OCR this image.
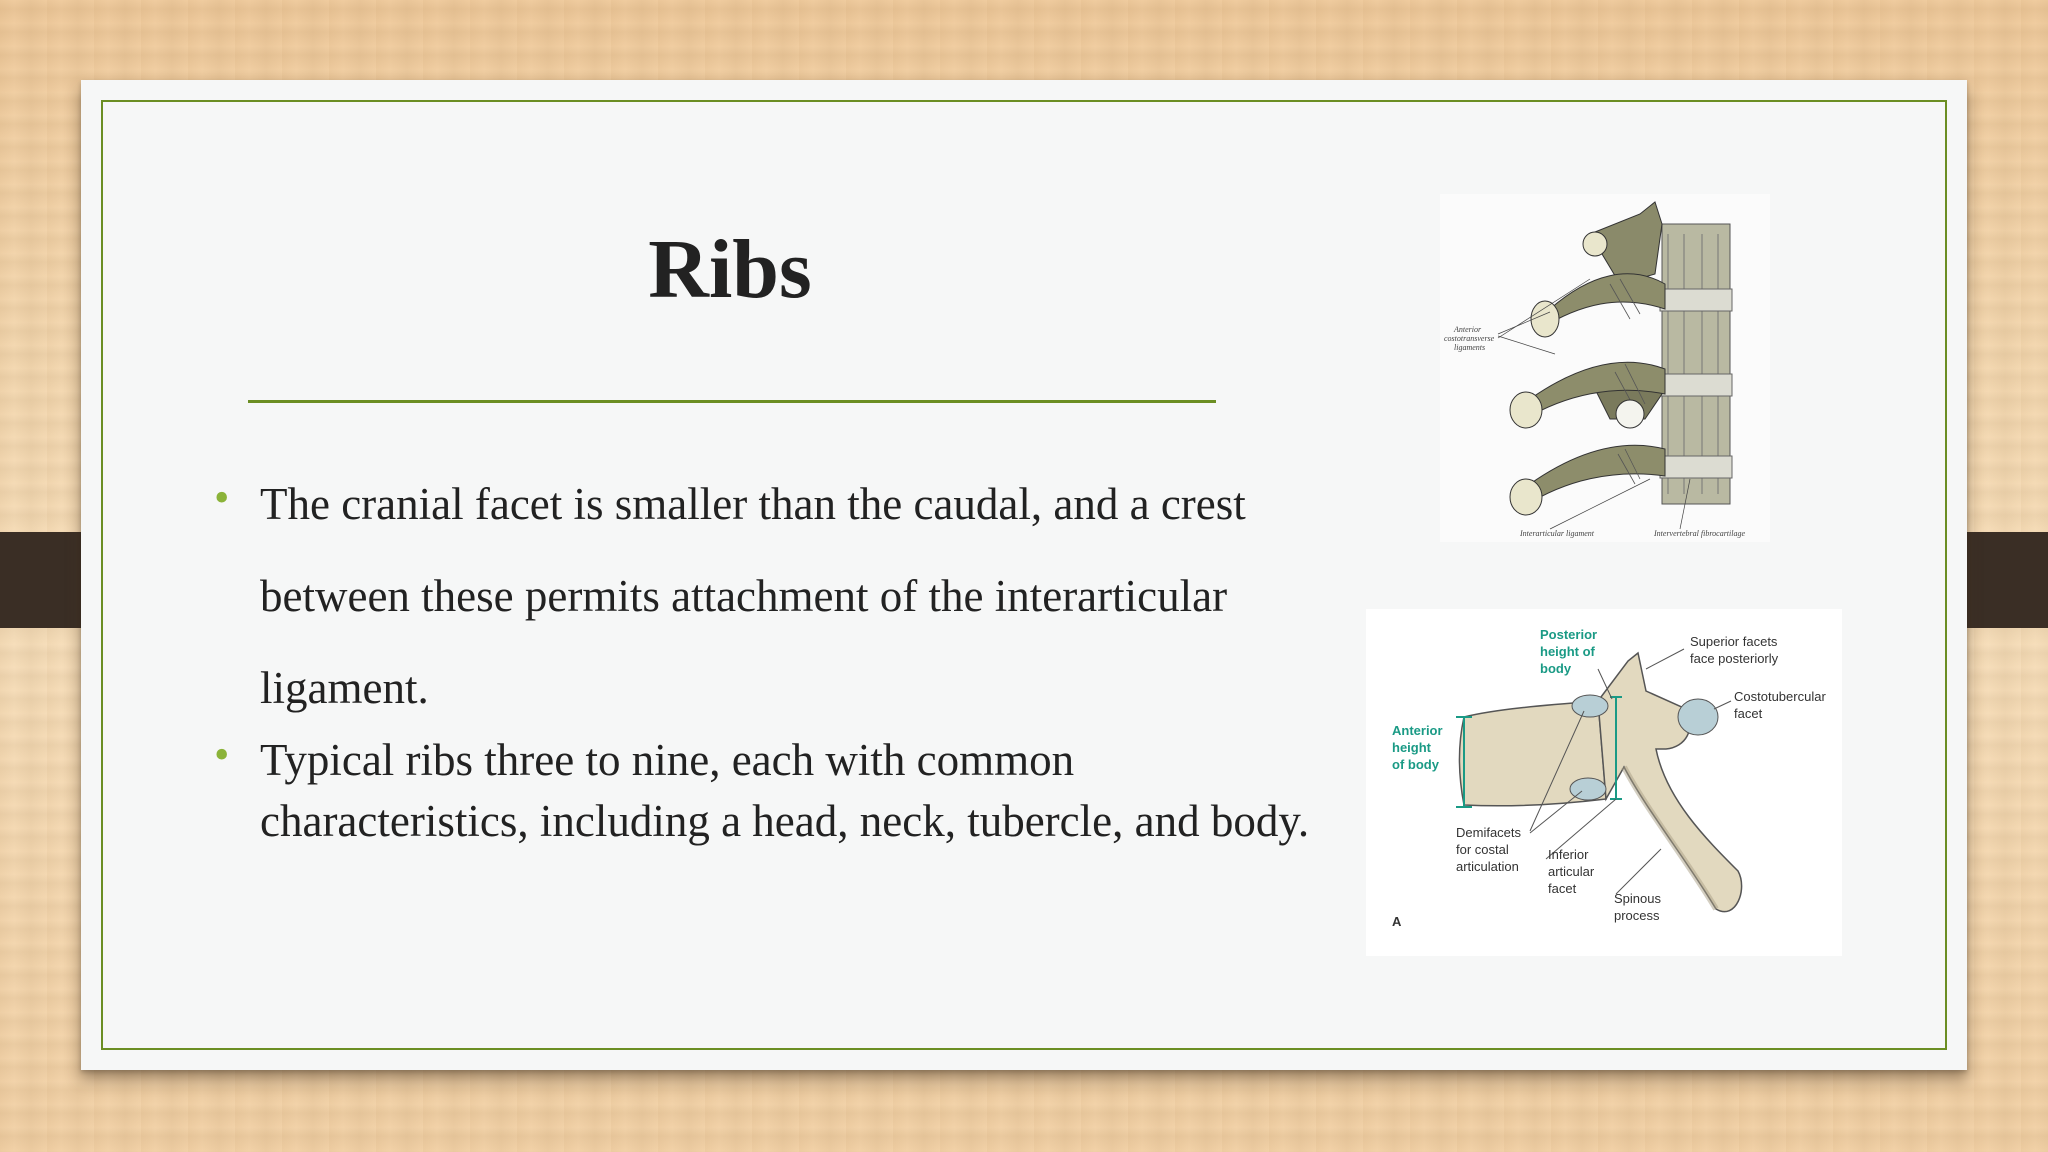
Ribs
• The cranial facet is smaller than the caudal, and a crest between these permits attachment of the interarticular ligament.
• Typical ribs three to nine, each with common characteristics, including a head, neck, tubercle, and body.
Anterior
costotransverse
ligaments
Interarticular ligament	Intervertebral fibrocartilage
Posterior
height of
body
Anterior
height
of body
Superior facets
face posteriorly
Costotubercular
facet
Demifacets
for costal
articulation
Inferior
articular
facet
Spinous
process
A
